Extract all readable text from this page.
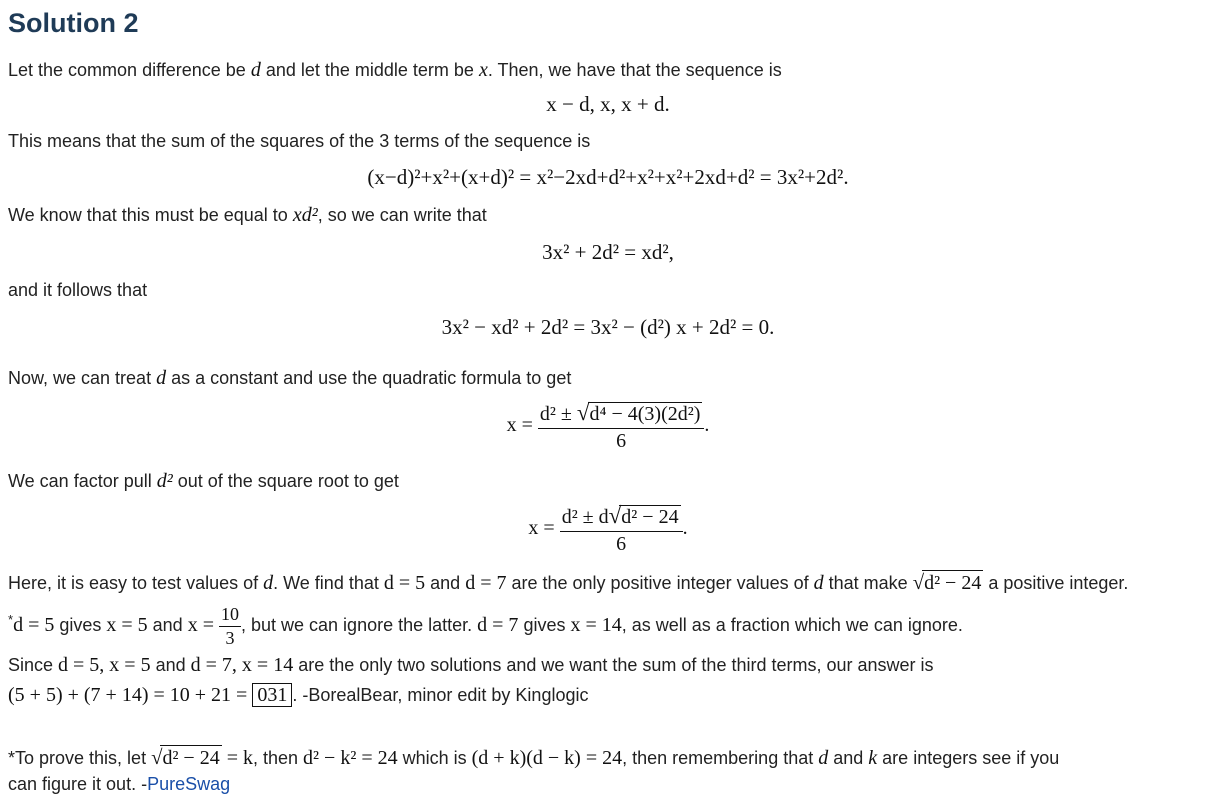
Solution 2
Let the common difference be d and let the middle term be x. Then, we have that the sequence is
x − d, x, x + d.
This means that the sum of the squares of the 3 terms of the sequence is
(x−d)²+x²+(x+d)² = x²−2xd+d²+x²+x²+2xd+d² = 3x²+2d².
We know that this must be equal to xd², so we can write that
3x² + 2d² = xd²,
and it follows that
3x² − xd² + 2d² = 3x² − (d²) x + 2d² = 0.
Now, we can treat d as a constant and use the quadratic formula to get
$x = \frac{\text{d² ± √d⁴ − 4(3)(2d²)}}{6}$ .
We can factor pull d² out of the square root to get
$x = \frac{\text{d² ± d√d² − 24}}{6}$ .
Here, it is easy to test values of d. We find that d = 5 and d = 7 are the only positive integer values of d that make √d² − 24 a positive integer.
*d = 5 gives x = 5 and $x = \frac{10}{3}$ , but we can ignore the latter. d = 7 gives x = 14, as well as a fraction which we can ignore.
Since d = 5, x = 5 and d = 7, x = 14 are the only two solutions and we want the sum of the third terms, our answer is
(5 + 5) + (7 + 14) = 10 + 21 = 031 . -BorealBear, minor edit by Kinglogic
*To prove this, let √d² − 24 = k, then d² − k² = 24 which is (d + k)(d − k) = 24, then remembering that d and k are integers see if you
can figure it out. -PureSwag
